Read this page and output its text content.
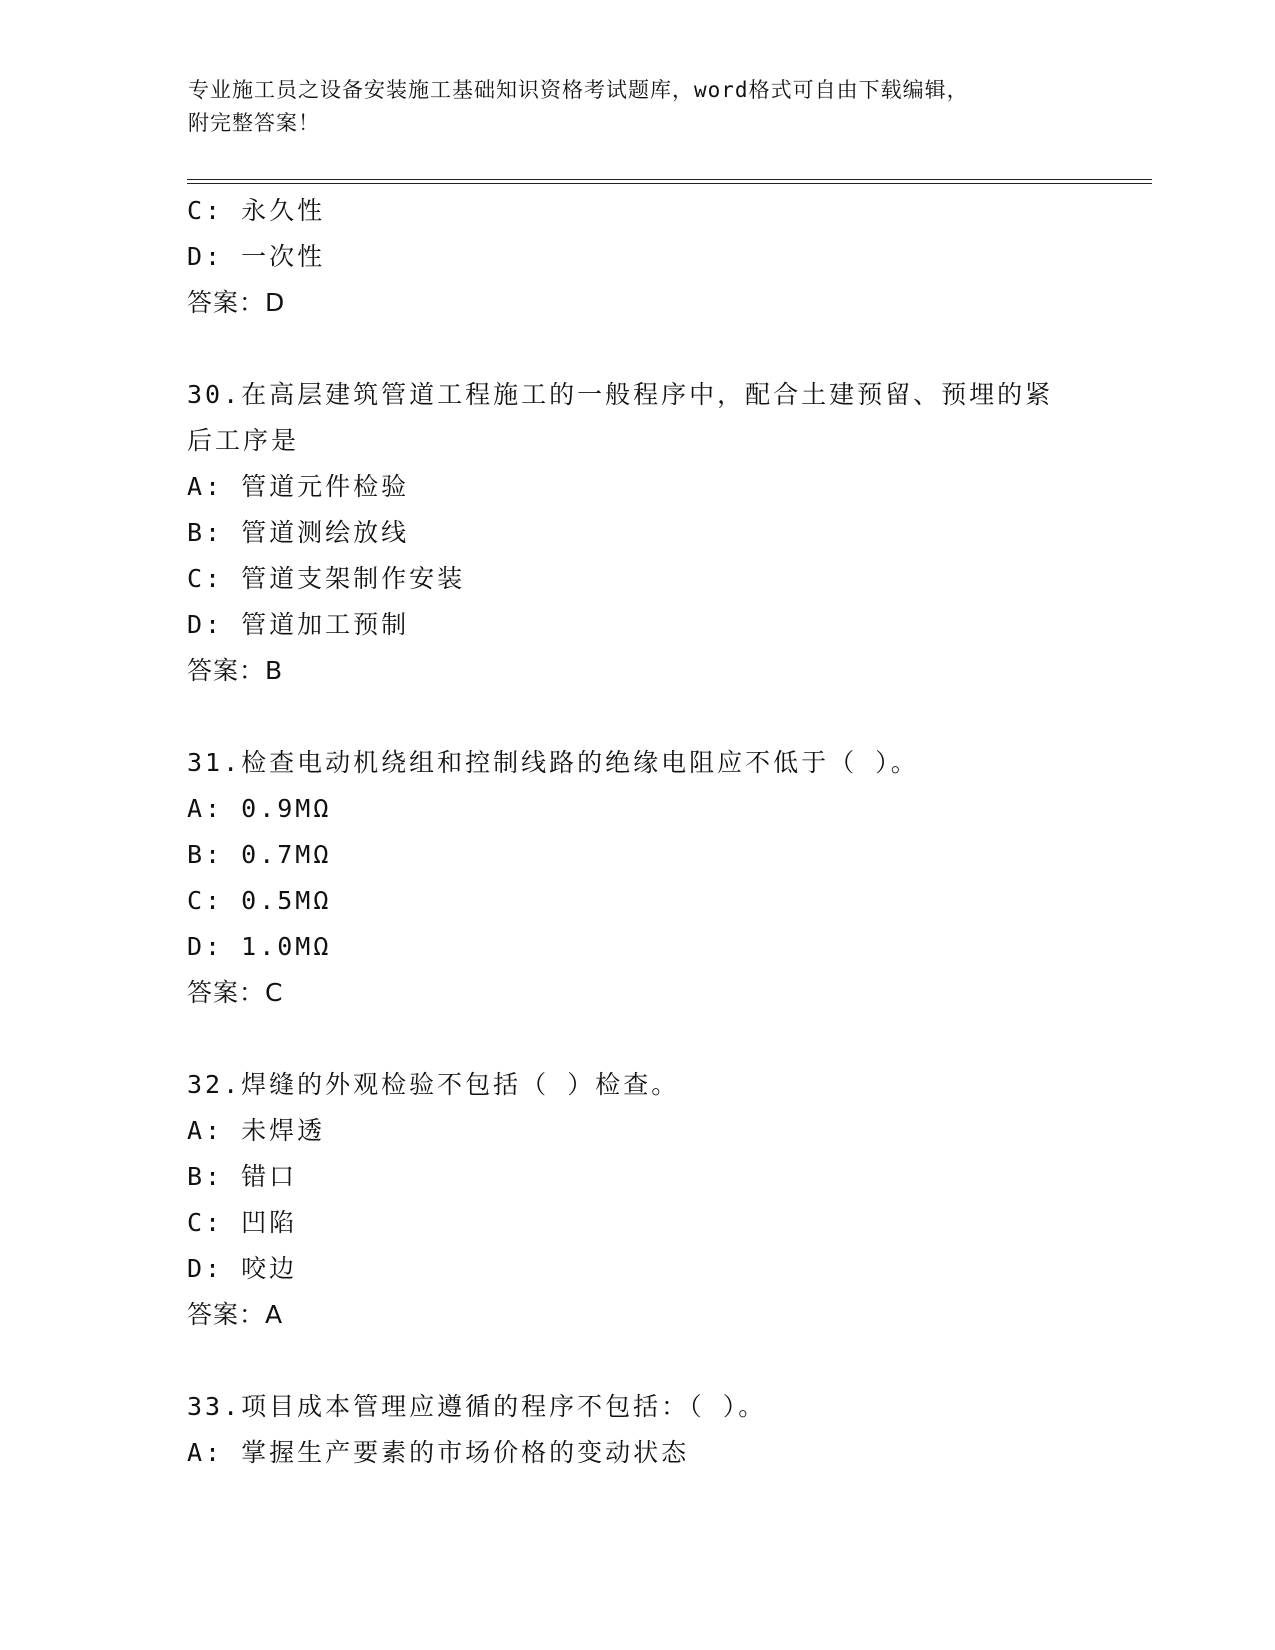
专业施工员之设备安装施工基础知识资格考试题库，word格式可自由下载编辑，
附完整答案！
C: 永久性
D: 一次性
答案：D
30.在高层建筑管道工程施工的一般程序中，配合土建预留、预埋的紧
后工序是
A: 管道元件检验
B: 管道测绘放线
C: 管道支架制作安装
D: 管道加工预制
答案：B
31.检查电动机绕组和控制线路的绝缘电阻应不低于（ ）。
A: 0.9MΩ
B: 0.7MΩ
C: 0.5MΩ
D: 1.0MΩ
答案：C
32.焊缝的外观检验不包括（ ）检查。
A: 未焊透
B: 错口
C: 凹陷
D: 咬边
答案：A
33.项目成本管理应遵循的程序不包括：（ ）。
A: 掌握生产要素的市场价格的变动状态
